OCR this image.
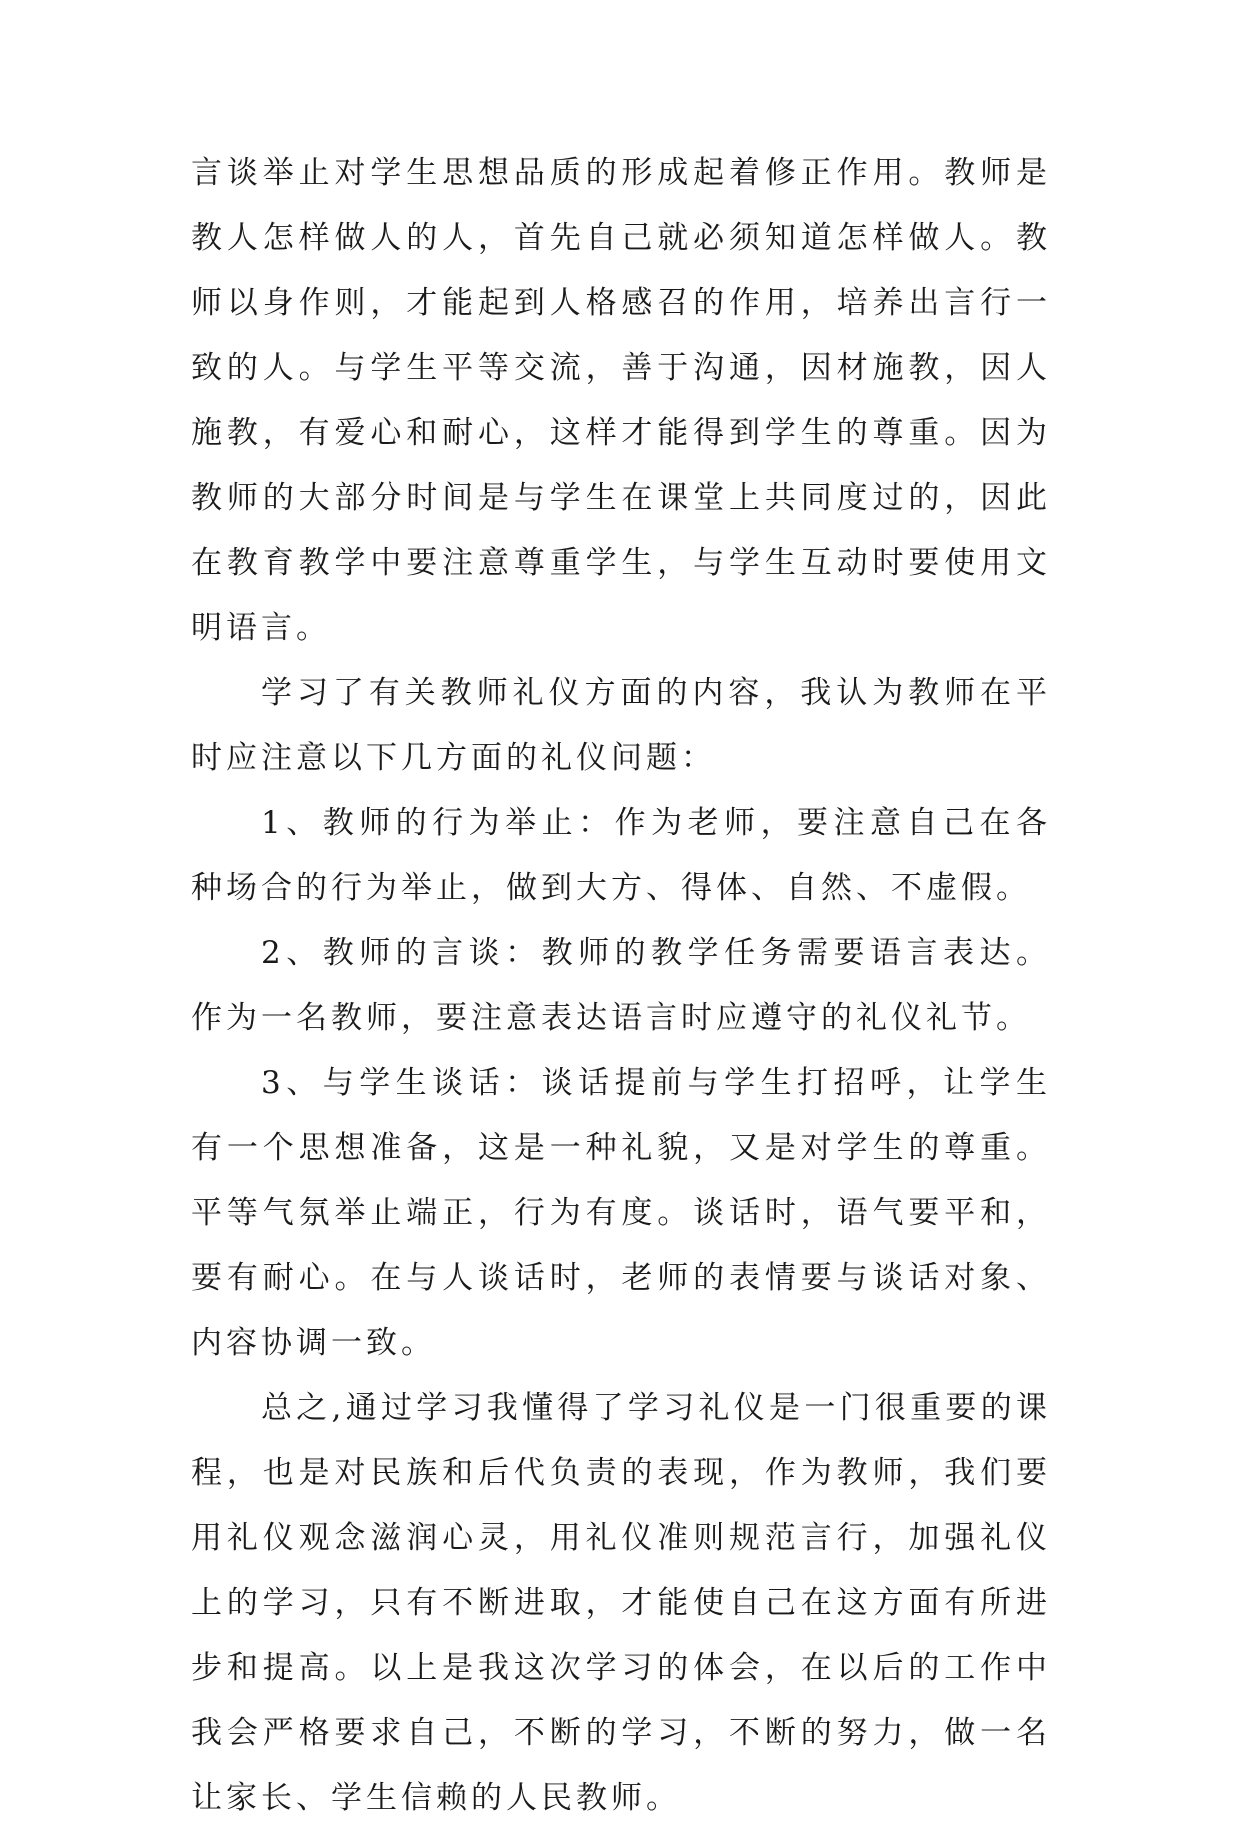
言谈举止对学生思想品质的形成起着修正作用。教师是教人怎样做人的人，首先自己就必须知道怎样做人。教师以身作则，才能起到人格感召的作用，培养出言行一致的人。与学生平等交流，善于沟通，因材施教，因人施教，有爱心和耐心，这样才能得到学生的尊重。因为教师的大部分时间是与学生在课堂上共同度过的，因此在教育教学中要注意尊重学生，与学生互动时要使用文明语言。

学习了有关教师礼仪方面的内容，我认为教师在平时应注意以下几方面的礼仪问题：

1、教师的行为举止：作为老师，要注意自己在各种场合的行为举止，做到大方、得体、自然、不虚假。

2、教师的言谈：教师的教学任务需要语言表达。作为一名教师，要注意表达语言时应遵守的礼仪礼节。

3、与学生谈话：谈话提前与学生打招呼，让学生有一个思想准备，这是一种礼貌，又是对学生的尊重。平等气氛举止端正，行为有度。谈话时，语气要平和，要有耐心。在与人谈话时，老师的表情要与谈话对象、内容协调一致。

总之,通过学习我懂得了学习礼仪是一门很重要的课程，也是对民族和后代负责的表现，作为教师，我们要用礼仪观念滋润心灵，用礼仪准则规范言行，加强礼仪上的学习，只有不断进取，才能使自己在这方面有所进步和提高。以上是我这次学习的体会，在以后的工作中我会严格要求自己，不断的学习，不断的努力，做一名让家长、学生信赖的人民教师。
